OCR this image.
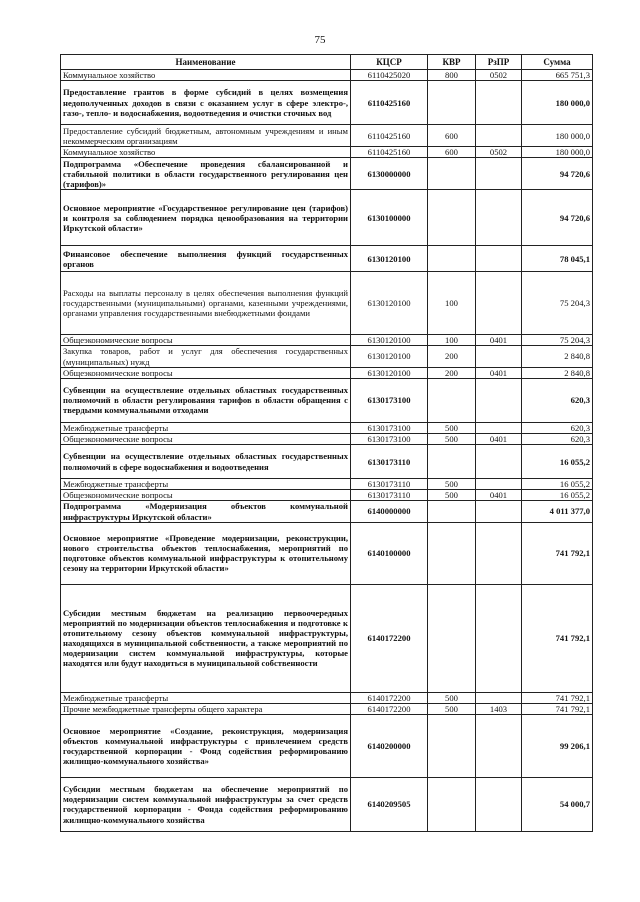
75
Наименование	КЦСР	КВР	РзПР	Сумма
Коммунальное хозяйство	6110425020	800	0502	665 751,3
Предоставление грантов в форме субсидий в целях возмещения недополученных доходов в связи с оказанием услуг в сфере электро-, газо-, тепло- и водоснабжения, водоотведения и очистки сточных вод	6110425160			180 000,0
Предоставление субсидий бюджетным, автономным учреждениям и иным некоммерческим организациям	6110425160	600		180 000,0
Коммунальное хозяйство	6110425160	600	0502	180 000,0
Подпрограмма «Обеспечение проведения сбалансированной и стабильной политики в области государственного регулирования цен (тарифов)»	6130000000			94 720,6
Основное мероприятие «Государственное регулирование цен (тарифов) и контроля за соблюдением порядка ценообразования на территории Иркутской области»	6130100000			94 720,6
Финансовое обеспечение выполнения функций государственных органов	6130120100			78 045,1
Расходы на выплаты персоналу в целях обеспечения выполнения функций государственными (муниципальными) органами, казенными учреждениями, органами управления государственными внебюджетными фондами	6130120100	100		75 204,3
Общеэкономические вопросы	6130120100	100	0401	75 204,3
Закупка товаров, работ и услуг для обеспечения государственных (муниципальных) нужд	6130120100	200		2 840,8
Общеэкономические вопросы	6130120100	200	0401	2 840,8
Субвенции на осуществление отдельных областных государственных полномочий в области регулирования тарифов в области обращения с твердыми коммунальными отходами	6130173100			620,3
Межбюджетные трансферты	6130173100	500		620,3
Общеэкономические вопросы	6130173100	500	0401	620,3
Субвенции на осуществление отдельных областных государственных полномочий в сфере водоснабжения и водоотведения	6130173110			16 055,2
Межбюджетные трансферты	6130173110	500		16 055,2
Общеэкономические вопросы	6130173110	500	0401	16 055,2
Подпрограмма «Модернизация объектов коммунальной инфраструктуры Иркутской области»	6140000000			4 011 377,0
Основное мероприятие «Проведение модернизации, реконструкции, нового строительства объектов теплоснабжения, мероприятий по подготовке объектов коммунальной инфраструктуры к отопительному сезону на территории Иркутской области»	6140100000			741 792,1
Субсидии местным бюджетам на реализацию первоочередных мероприятий по модернизации объектов теплоснабжения и подготовке к отопительному сезону объектов коммунальной инфраструктуры, находящихся в муниципальной собственности, а также мероприятий по модернизации систем коммунальной инфраструктуры, которые находятся или будут находиться в муниципальной собственности	6140172200			741 792,1
Межбюджетные трансферты	6140172200	500		741 792,1
Прочие межбюджетные трансферты общего характера	6140172200	500	1403	741 792,1
Основное мероприятие «Создание, реконструкция, модернизация объектов коммунальной инфраструктуры с привлечением средств государственной корпорации - Фонд содействия реформированию жилищно-коммунального хозяйства»	6140200000			99 206,1
Субсидии местным бюджетам на обеспечение мероприятий по модернизации систем коммунальной инфраструктуры за счет средств государственной корпорации - Фонда содействия реформированию жилищно-коммунального хозяйства	6140209505			54 000,7
